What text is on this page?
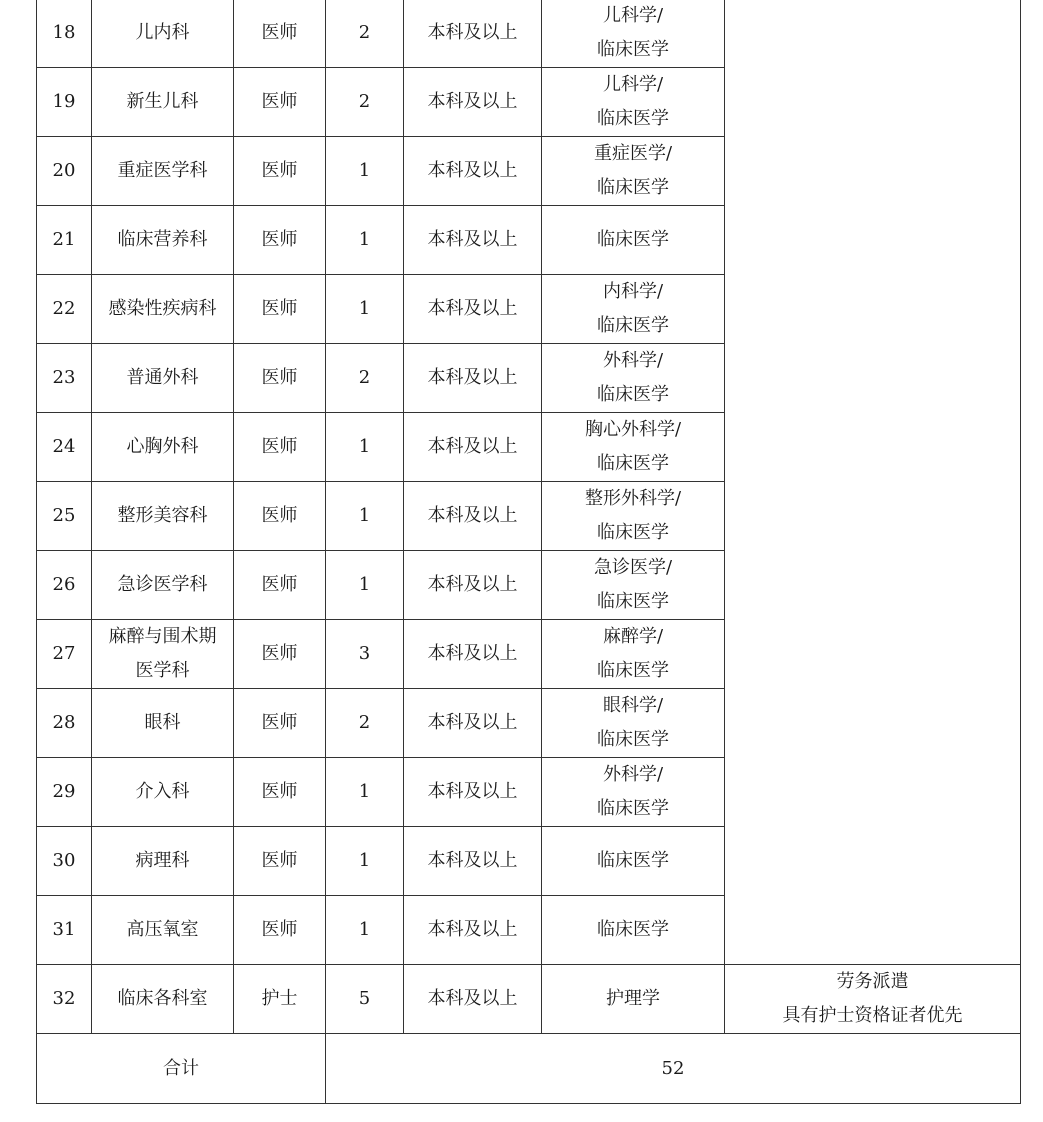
18	儿内科	医师	2	本科及以上	儿科学/
临床医学	

19	新生儿科	医师	2	本科及以上	儿科学/
临床医学	

20	重症医学科	医师	1	本科及以上	重症医学/
临床医学	

21	临床营养科	医师	1	本科及以上	临床医学	

22	感染性疾病科	医师	1	本科及以上	内科学/
临床医学	

23	普通外科	医师	2	本科及以上	外科学/
临床医学	

24	心胸外科	医师	1	本科及以上	胸心外科学/
临床医学	

25	整形美容科	医师	1	本科及以上	整形外科学/
临床医学	

26	急诊医学科	医师	1	本科及以上	急诊医学/
临床医学	

27	麻醉与围术期
医学科	医师	3	本科及以上	麻醉学/
临床医学	

28	眼科	医师	2	本科及以上	眼科学/
临床医学	

29	介入科	医师	1	本科及以上	外科学/
临床医学	

30	病理科	医师	1	本科及以上	临床医学	

31	高压氧室	医师	1	本科及以上	临床医学	

32	临床各科室	护士	5	本科及以上	护理学	劳务派遣
具有护士资格证者优先

合计			52			
